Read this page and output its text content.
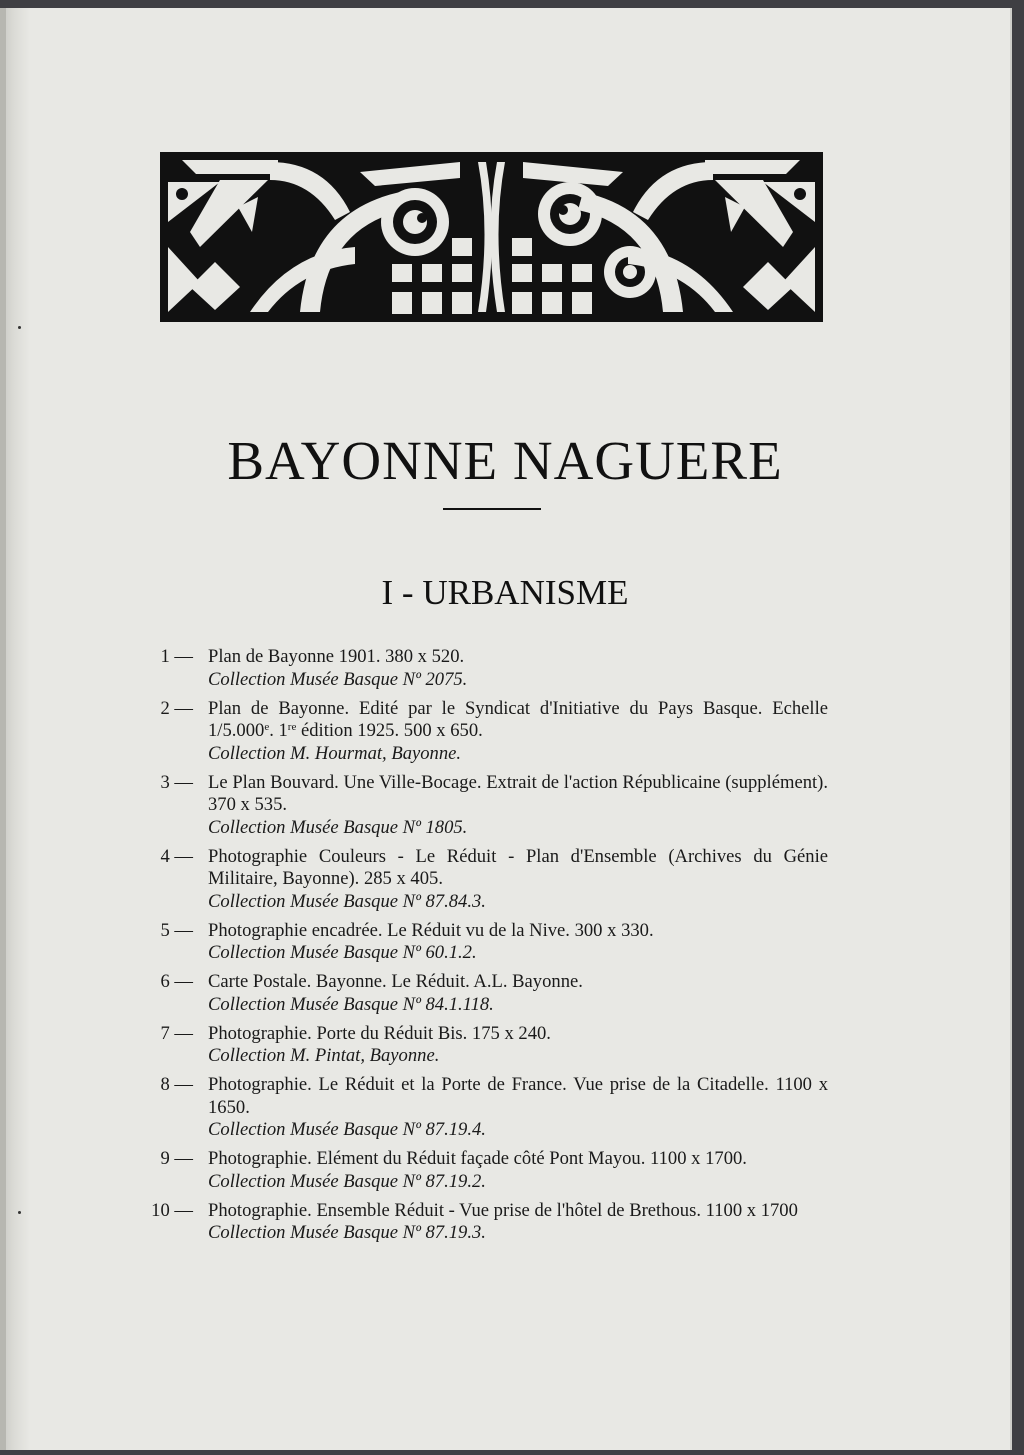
BAYONNE NAGUERE
I - URBANISME
1 — Plan de Bayonne 1901. 380 x 520.
Collection Musée Basque Nº 2075.
2 — Plan de Bayonne. Edité par le Syndicat d'Initiative du Pays Basque. Echelle 1/5.000e. 1re édition 1925. 500 x 650.
Collection M. Hourmat, Bayonne.
3 — Le Plan Bouvard. Une Ville-Bocage. Extrait de l'action Républicaine (supplément). 370 x 535.
Collection Musée Basque Nº 1805.
4 — Photographie Couleurs - Le Réduit - Plan d'Ensemble (Archives du Génie Militaire, Bayonne). 285 x 405.
Collection Musée Basque Nº 87.84.3.
5 — Photographie encadrée. Le Réduit vu de la Nive. 300 x 330.
Collection Musée Basque Nº 60.1.2.
6 — Carte Postale. Bayonne. Le Réduit. A.L. Bayonne.
Collection Musée Basque Nº 84.1.118.
7 — Photographie. Porte du Réduit Bis. 175 x 240.
Collection M. Pintat, Bayonne.
8 — Photographie. Le Réduit et la Porte de France. Vue prise de la Citadelle. 1100 x 1650.
Collection Musée Basque Nº 87.19.4.
9 — Photographie. Elément du Réduit façade côté Pont Mayou. 1100 x 1700.
Collection Musée Basque Nº 87.19.2.
10 — Photographie. Ensemble Réduit - Vue prise de l'hôtel de Brethous. 1100 x 1700
Collection Musée Basque Nº 87.19.3.
